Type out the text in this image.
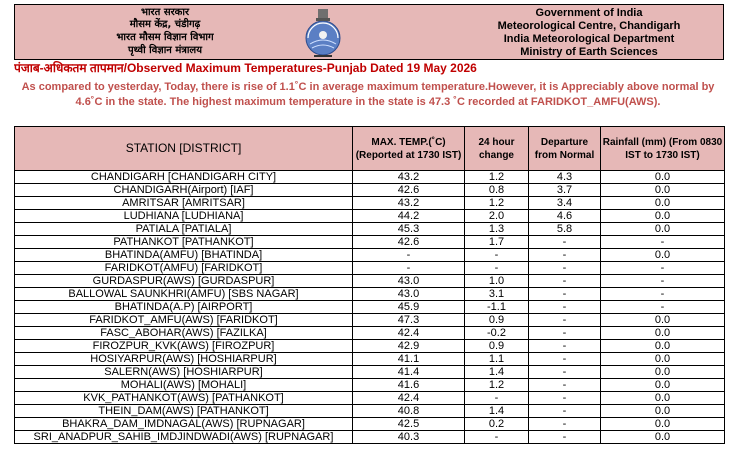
भारत सरकार
मौसम केंद्र, चंडीगढ़
भारत मौसम विज्ञान विभाग
पृथ्वी विज्ञान मंत्रालय
Government of India
Meteorological Centre, Chandigarh
India Meteorological Department
Ministry of Earth Sciences
पंजाब-अधिकतम तापमान/Observed Maximum Temperatures-Punjab Dated 19 May 2026
As compared to yesterday, Today, there is rise of 1.1˚C in average maximum temperature.However, it is Appreciably above normal by 4.6˚C in the state. The highest maximum temperature in the state is 47.3 ˚C recorded at FARIDKOT_AMFU(AWS).
STATION [DISTRICT]	MAX. TEMP.(˚C) (Reported at 1730 IST)	24 hour change	Departure from Normal	Rainfall (mm) (From 0830 IST to 1730 IST)
CHANDIGARH [CHANDIGARH CITY]	43.2	1.2	4.3	0.0
CHANDIGARH(Airport) [IAF]	42.6	0.8	3.7	0.0
AMRITSAR [AMRITSAR]	43.2	1.2	3.4	0.0
LUDHIANA [LUDHIANA]	44.2	2.0	4.6	0.0
PATIALA [PATIALA]	45.3	1.3	5.8	0.0
PATHANKOT [PATHANKOT]	42.6	1.7	-	-
BHATINDA(AMFU) [BHATINDA]	-	-	-	0.0
FARIDKOT(AMFU) [FARIDKOT]	-	-	-	-
GURDASPUR(AWS) [GURDASPUR]	43.0	1.0	-	-
BALLOWAL SAUNKHRI(AMFU) [SBS NAGAR]	43.0	3.1	-	-
BHATINDA(A.P) [AIRPORT]	45.9	-1.1	-	-
FARIDKOT_AMFU(AWS) [FARIDKOT]	47.3	0.9	-	0.0
FASC_ABOHAR(AWS) [FAZILKA]	42.4	-0.2	-	0.0
FIROZPUR_KVK(AWS) [FIROZPUR]	42.9	0.9	-	0.0
HOSIYARPUR(AWS) [HOSHIARPUR]	41.1	1.1	-	0.0
SALERN(AWS) [HOSHIARPUR]	41.4	1.4	-	0.0
MOHALI(AWS) [MOHALI]	41.6	1.2	-	0.0
KVK_PATHANKOT(AWS) [PATHANKOT]	42.4	-	-	0.0
THEIN_DAM(AWS) [PATHANKOT]	40.8	1.4	-	0.0
BHAKRA_DAM_IMDNAGAL(AWS) [RUPNAGAR]	42.5	0.2	-	0.0
SRI_ANADPUR_SAHIB_IMDJINDWADI(AWS) [RUPNAGAR]	40.3	-	-	0.0
